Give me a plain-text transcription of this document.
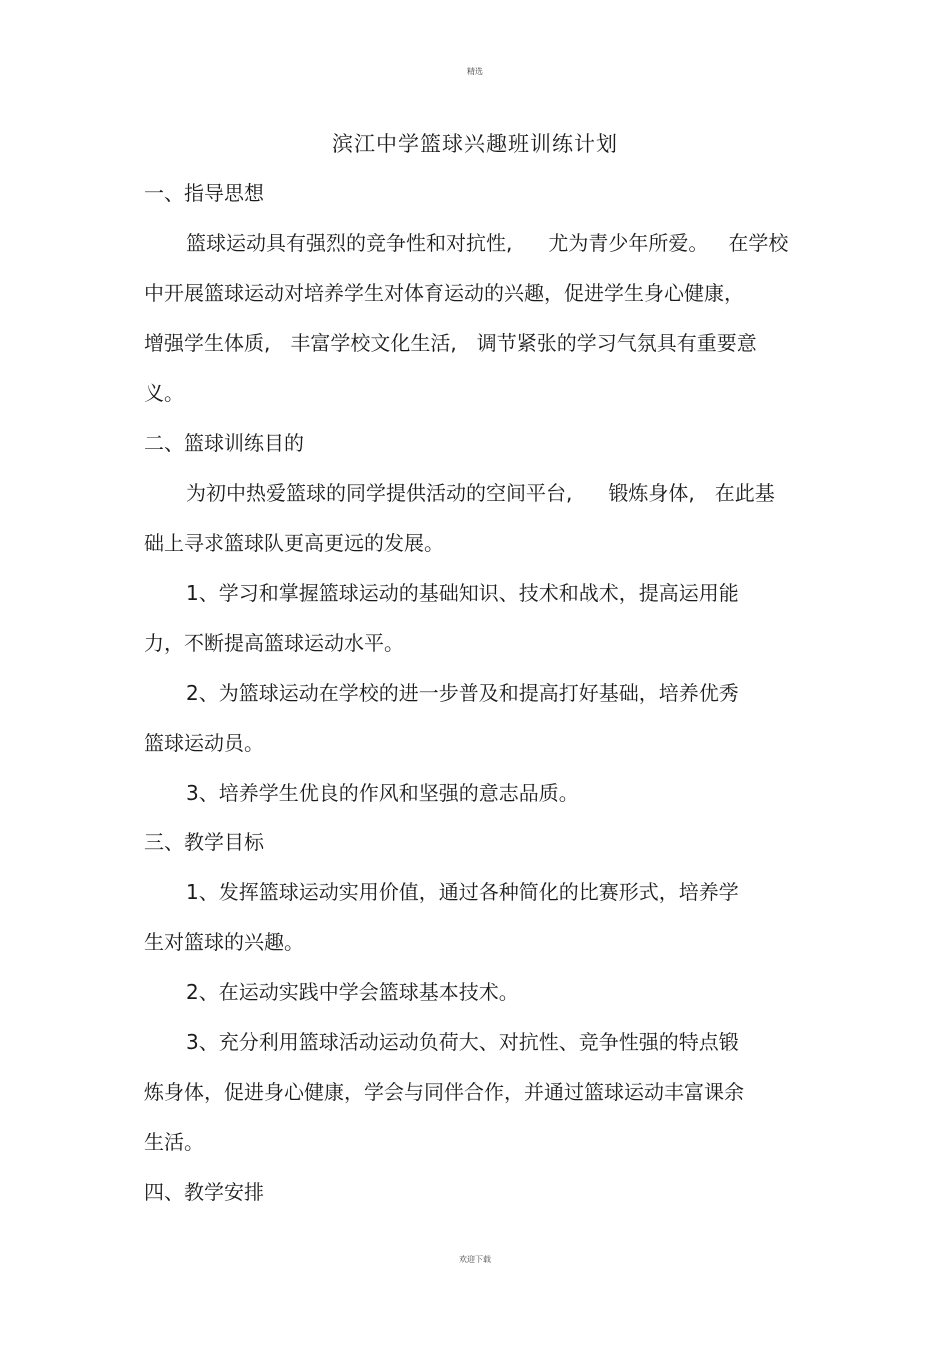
精选
滨江中学篮球兴趣班训练计划
一、指导思想
篮球运动具有强烈的竞争性和对抗性, 尤为青少年所爱。 在学校
中开展篮球运动对培养学生对体育运动的兴趣，促进学生身心健康，
增强学生体质, 丰富学校文化生活, 调节紧张的学习气氛具有重要意
义。
二、篮球训练目的
为初中热爱篮球的同学提供活动的空间平台, 锻炼身体, 在此基
础上寻求篮球队更高更远的发展。
1、学习和掌握篮球运动的基础知识、技术和战术，提高运用能
力，不断提高篮球运动水平。
2、为篮球运动在学校的进一步普及和提高打好基础，培养优秀
篮球运动员。
3、培养学生优良的作风和坚强的意志品质。
三、教学目标
1、发挥篮球运动实用价值，通过各种简化的比赛形式，培养学
生对篮球的兴趣。
2、在运动实践中学会篮球基本技术。
3、充分利用篮球活动运动负荷大、对抗性、竞争性强的特点锻
炼身体，促进身心健康，学会与同伴合作，并通过篮球运动丰富课余
生活。
四、教学安排
欢迎下载
